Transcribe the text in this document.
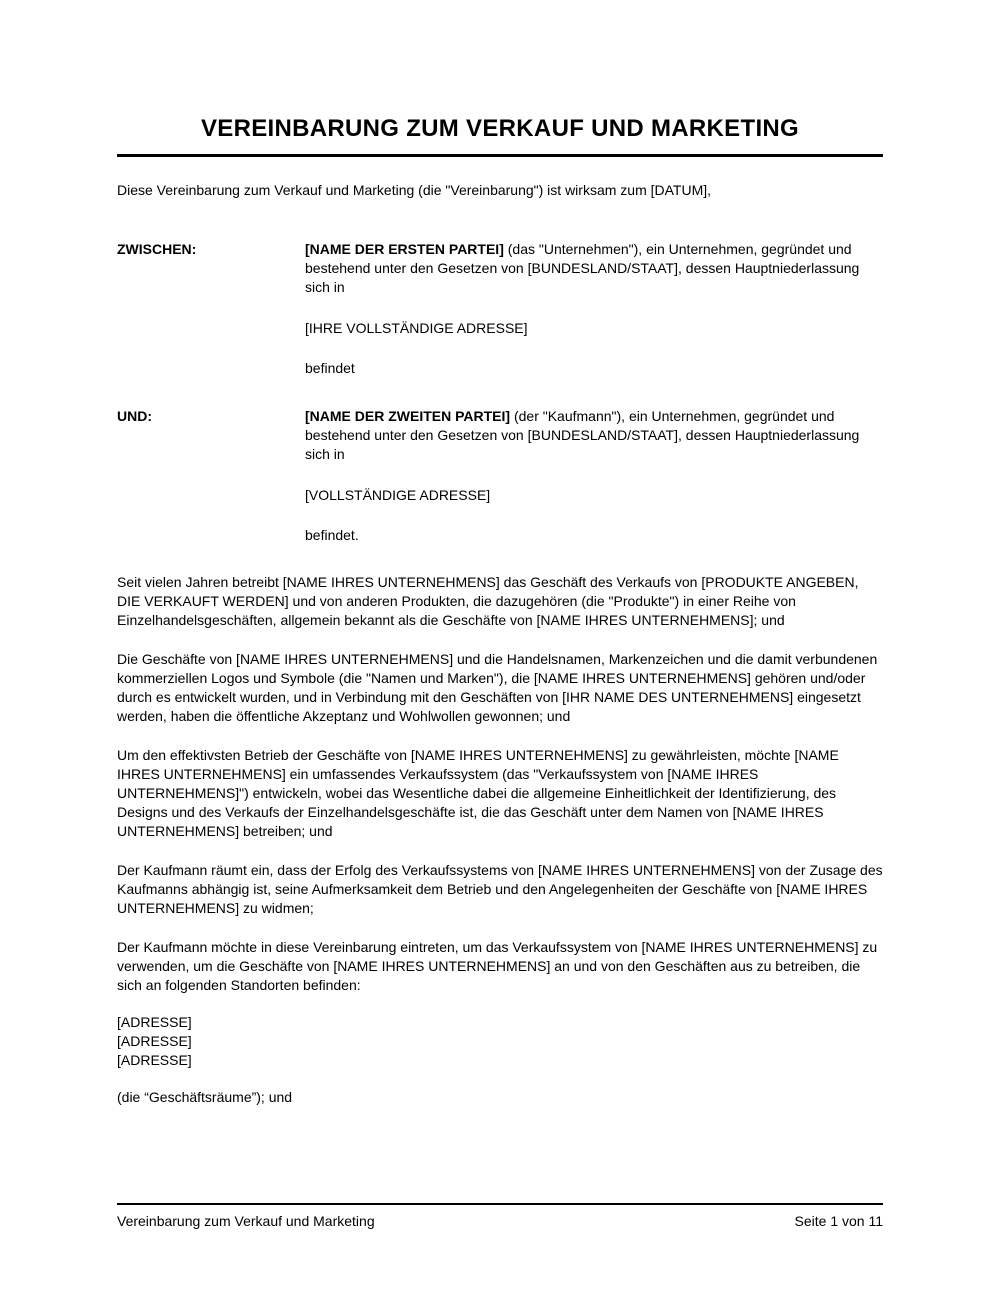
VEREINBARUNG ZUM VERKAUF UND MARKETING

Diese Vereinbarung zum Verkauf und Marketing (die "Vereinbarung") ist wirksam zum [DATUM],

ZWISCHEN:	[NAME DER ERSTEN PARTEI] (das "Unternehmen"), ein Unternehmen, gegründet und bestehend unter den Gesetzen von [BUNDESLAND/STAAT], dessen Hauptniederlassung sich in

[IHRE VOLLSTÄNDIGE ADRESSE]

befindet

UND:	[NAME DER ZWEITEN PARTEI] (der "Kaufmann"), ein Unternehmen, gegründet und bestehend unter den Gesetzen von [BUNDESLAND/STAAT], dessen Hauptniederlassung sich in

[VOLLSTÄNDIGE ADRESSE]

befindet.

Seit vielen Jahren betreibt [NAME IHRES UNTERNEHMENS] das Geschäft des Verkaufs von [PRODUKTE ANGEBEN, DIE VERKAUFT WERDEN] und von anderen Produkten, die dazugehören (die "Produkte") in einer Reihe von Einzelhandelsgeschäften, allgemein bekannt als die Geschäfte von [NAME IHRES UNTERNEHMENS]; und

Die Geschäfte von [NAME IHRES UNTERNEHMENS] und die Handelsnamen, Markenzeichen und die damit verbundenen kommerziellen Logos und Symbole (die "Namen und Marken"), die [NAME IHRES UNTERNEHMENS] gehören und/oder durch es entwickelt wurden, und in Verbindung mit den Geschäften von [IHR NAME DES UNTERNEHMENS] eingesetzt werden, haben die öffentliche Akzeptanz und Wohlwollen gewonnen; und

Um den effektivsten Betrieb der Geschäfte von [NAME IHRES UNTERNEHMENS] zu gewährleisten, möchte [NAME IHRES UNTERNEHMENS] ein umfassendes Verkaufssystem (das "Verkaufssystem von [NAME IHRES UNTERNEHMENS]") entwickeln, wobei das Wesentliche dabei die allgemeine Einheitlichkeit der Identifizierung, des Designs und des Verkaufs der Einzelhandelsgeschäfte ist, die das Geschäft unter dem Namen von [NAME IHRES UNTERNEHMENS] betreiben; und

Der Kaufmann räumt ein, dass der Erfolg des Verkaufssystems von [NAME IHRES UNTERNEHMENS] von der Zusage des Kaufmanns abhängig ist, seine Aufmerksamkeit dem Betrieb und den Angelegenheiten der Geschäfte von [NAME IHRES UNTERNEHMENS] zu widmen;

Der Kaufmann möchte in diese Vereinbarung eintreten, um das Verkaufssystem von [NAME IHRES UNTERNEHMENS] zu verwenden, um die Geschäfte von [NAME IHRES UNTERNEHMENS] an und von den Geschäften aus zu betreiben, die sich an folgenden Standorten befinden:

[ADRESSE]

[ADRESSE]

[ADRESSE]

(die “Geschäftsräume”); und

Vereinbarung zum Verkauf und Marketing	Seite 1 von 11
